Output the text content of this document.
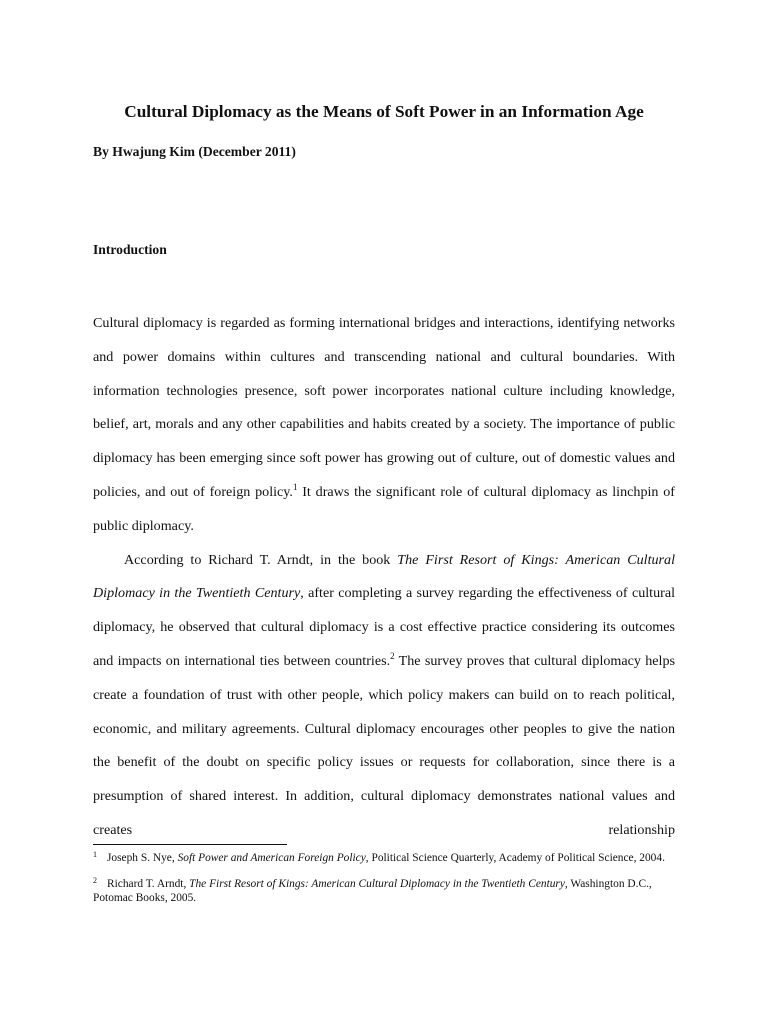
Cultural Diplomacy as the Means of Soft Power in an Information Age

By Hwajung Kim (December 2011)

Introduction

Cultural diplomacy is regarded as forming international bridges and interactions, identifying networks and power domains within cultures and transcending national and cultural boundaries. With information technologies presence, soft power incorporates national culture including knowledge, belief, art, morals and any other capabilities and habits created by a society. The importance of public diplomacy has been emerging since soft power has growing out of culture, out of domestic values and policies, and out of foreign policy.$^1$ It draws the significant role of cultural diplomacy as linchpin of public diplomacy.

According to Richard T. Arndt, in the book The First Resort of Kings: American Cultural Diplomacy in the Twentieth Century, after completing a survey regarding the effectiveness of cultural diplomacy, he observed that cultural diplomacy is a cost effective practice considering its outcomes and impacts on international ties between countries.$^2$ The survey proves that cultural diplomacy helps create a foundation of trust with other people, which policy makers can build on to reach political, economic, and military agreements. Cultural diplomacy encourages other peoples to give the nation the benefit of the doubt on specific policy issues or requests for collaboration, since there is a presumption of shared interest. In addition, cultural diplomacy demonstrates national values and creates relationship

$^1$ Joseph S. Nye, Soft Power and American Foreign Policy, Political Science Quarterly, Academy of Political Science, 2004.

$^2$ Richard T. Arndt, The First Resort of Kings: American Cultural Diplomacy in the Twentieth Century, Washington D.C., Potomac Books, 2005.
